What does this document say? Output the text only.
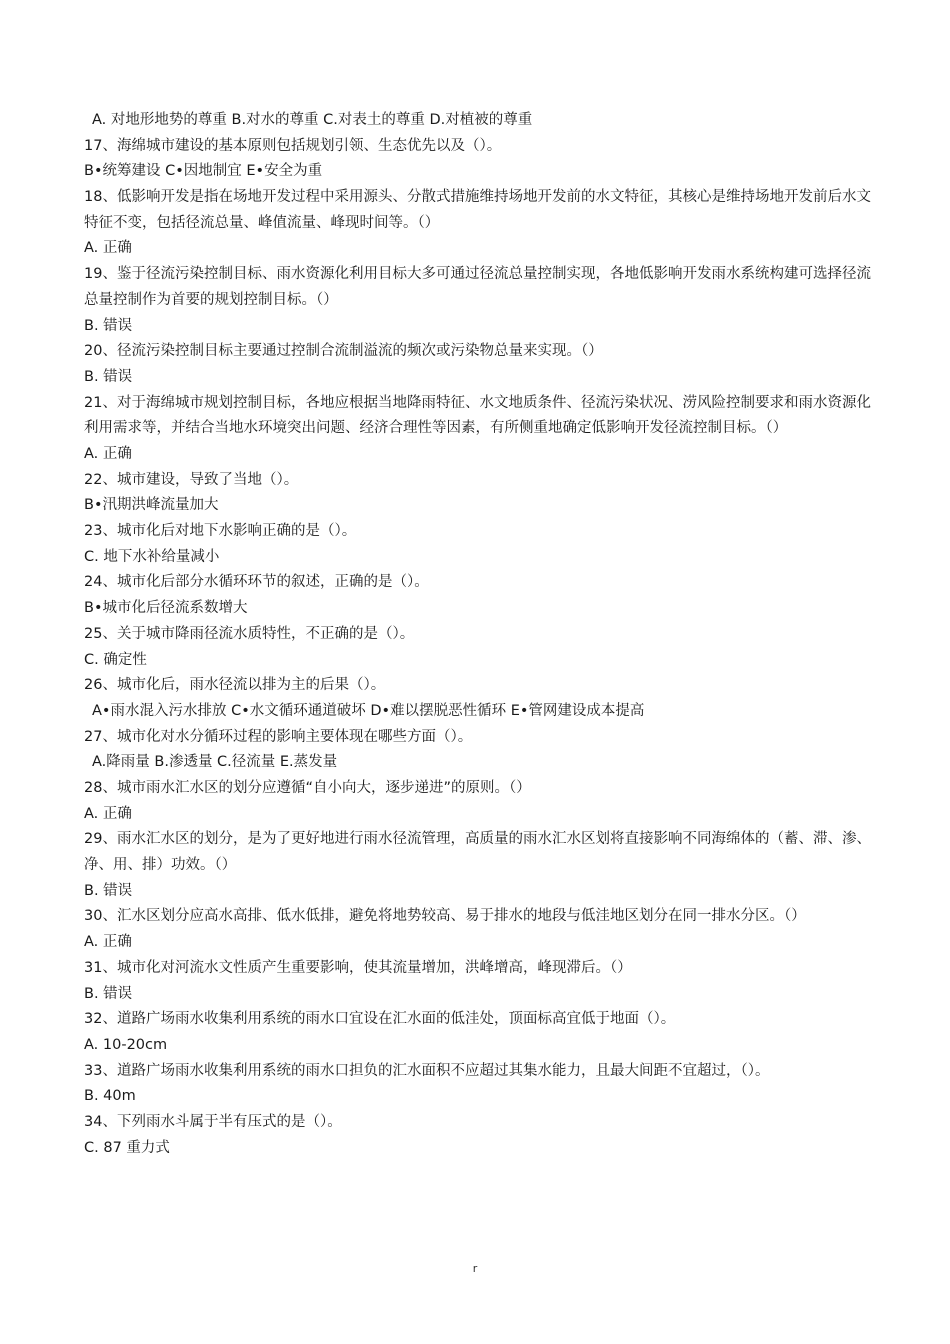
A. 对地形地势的尊重 B.对水的尊重 C.对表土的尊重 D.对植被的尊重
17、海绵城市建设的基本原则包括规划引领、生态优先以及（）。
B•统筹建设 C•因地制宜 E•安全为重
18、低影响开发是指在场地开发过程中采用源头、分散式措施维持场地开发前的水文特征，其核心是维持场地开发前后水文特征不变，包括径流总量、峰值流量、峰现时间等。（）
A. 正确
19、鉴于径流污染控制目标、雨水资源化利用目标大多可通过径流总量控制实现，各地低影响开发雨水系统构建可选择径流总量控制作为首要的规划控制目标。（）
B. 错误
20、径流污染控制目标主要通过控制合流制溢流的频次或污染物总量来实现。（）
B. 错误
21、对于海绵城市规划控制目标，各地应根据当地降雨特征、水文地质条件、径流污染状况、涝风险控制要求和雨水资源化利用需求等，并结合当地水环境突出问题、经济合理性等因素，有所侧重地确定低影响开发径流控制目标。（）
A. 正确
22、城市建设，导致了当地（）。
B•汛期洪峰流量加大
23、城市化后对地下水影响正确的是（）。
C. 地下水补给量减小
24、城市化后部分水循环环节的叙述，正确的是（）。
B•城市化后径流系数增大
25、关于城市降雨径流水质特性，不正确的是（）。
C. 确定性
26、城市化后，雨水径流以排为主的后果（）。
A•雨水混入污水排放 C•水文循环通道破坏 D•难以摆脱恶性循环 E•管网建设成本提高
27、城市化对水分循环过程的影响主要体现在哪些方面（）。
A.降雨量 B.渗透量 C.径流量 E.蒸发量
28、城市雨水汇水区的划分应遵循“自小向大，逐步递进”的原则。（）
A. 正确
29、雨水汇水区的划分，是为了更好地进行雨水径流管理，高质量的雨水汇水区划将直接影响不同海绵体的（蓄、滞、渗、净、用、排）功效。（）
B. 错误
30、汇水区划分应高水高排、低水低排，避免将地势较高、易于排水的地段与低洼地区划分在同一排水分区。（）
A. 正确
31、城市化对河流水文性质产生重要影响，使其流量增加，洪峰增高，峰现滞后。（）
B. 错误
32、道路广场雨水收集利用系统的雨水口宜设在汇水面的低洼处，顶面标高宜低于地面（）。
A. 10-20cm
33、道路广场雨水收集利用系统的雨水口担负的汇水面积不应超过其集水能力，且最大间距不宜超过，（）。
B. 40m
34、下列雨水斗属于半有压式的是（）。
C. 87 重力式
r
